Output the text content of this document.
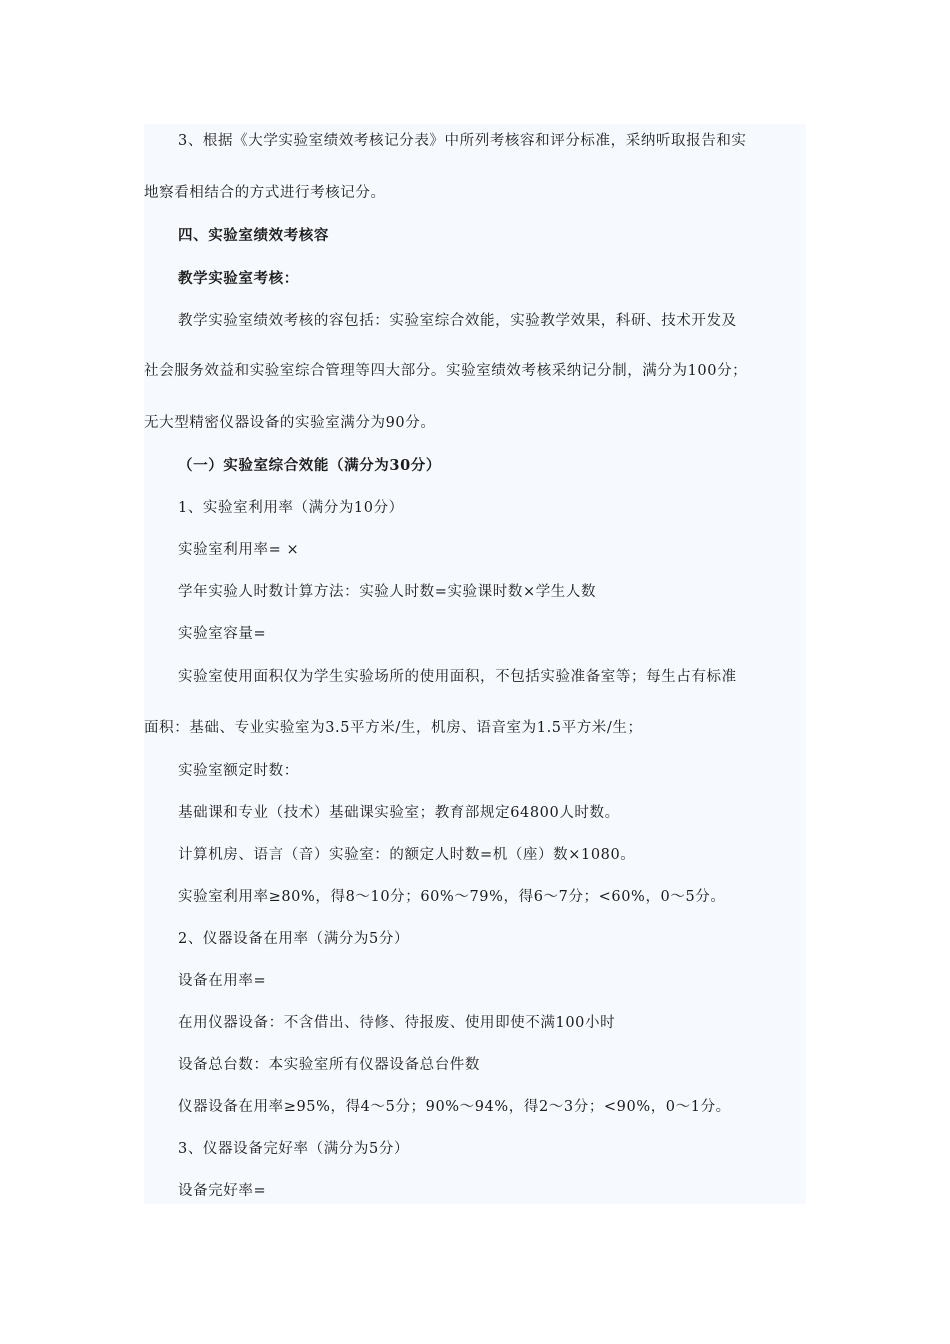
3、根据《大学实验室绩效考核记分表》中所列考核容和评分标准，采纳听取报告和实
地察看相结合的方式进行考核记分。
四、实验室绩效考核容
教学实验室考核：
教学实验室绩效考核的容包括：实验室综合效能，实验教学效果，科研、技术开发及
社会服务效益和实验室综合管理等四大部分。实验室绩效考核采纳记分制，满分为100分；
无大型精密仪器设备的实验室满分为90分。
（一）实验室综合效能（满分为30分）
1、实验室利用率（满分为10分）
实验室利用率= ×
学年实验人时数计算方法：实验人时数=实验课时数×学生人数
实验室容量=
实验室使用面积仅为学生实验场所的使用面积，不包括实验准备室等；每生占有标准
面积：基础、专业实验室为3.5平方米/生，机房、语音室为1.5平方米/生；
实验室额定时数：
基础课和专业（技术）基础课实验室；教育部规定64800人时数。
计算机房、语言（音）实验室：的额定人时数=机（座）数×1080。
实验室利用率≥80%，得8～10分；60%～79%，得6～7分；<60%，0～5分。
2、仪器设备在用率（满分为5分）
设备在用率=
在用仪器设备：不含借出、待修、待报废、使用即使不满100小时
设备总台数：本实验室所有仪器设备总台件数
仪器设备在用率≥95%，得4～5分；90%～94%，得2～3分；<90%，0～1分。
3、仪器设备完好率（满分为5分）
设备完好率=
